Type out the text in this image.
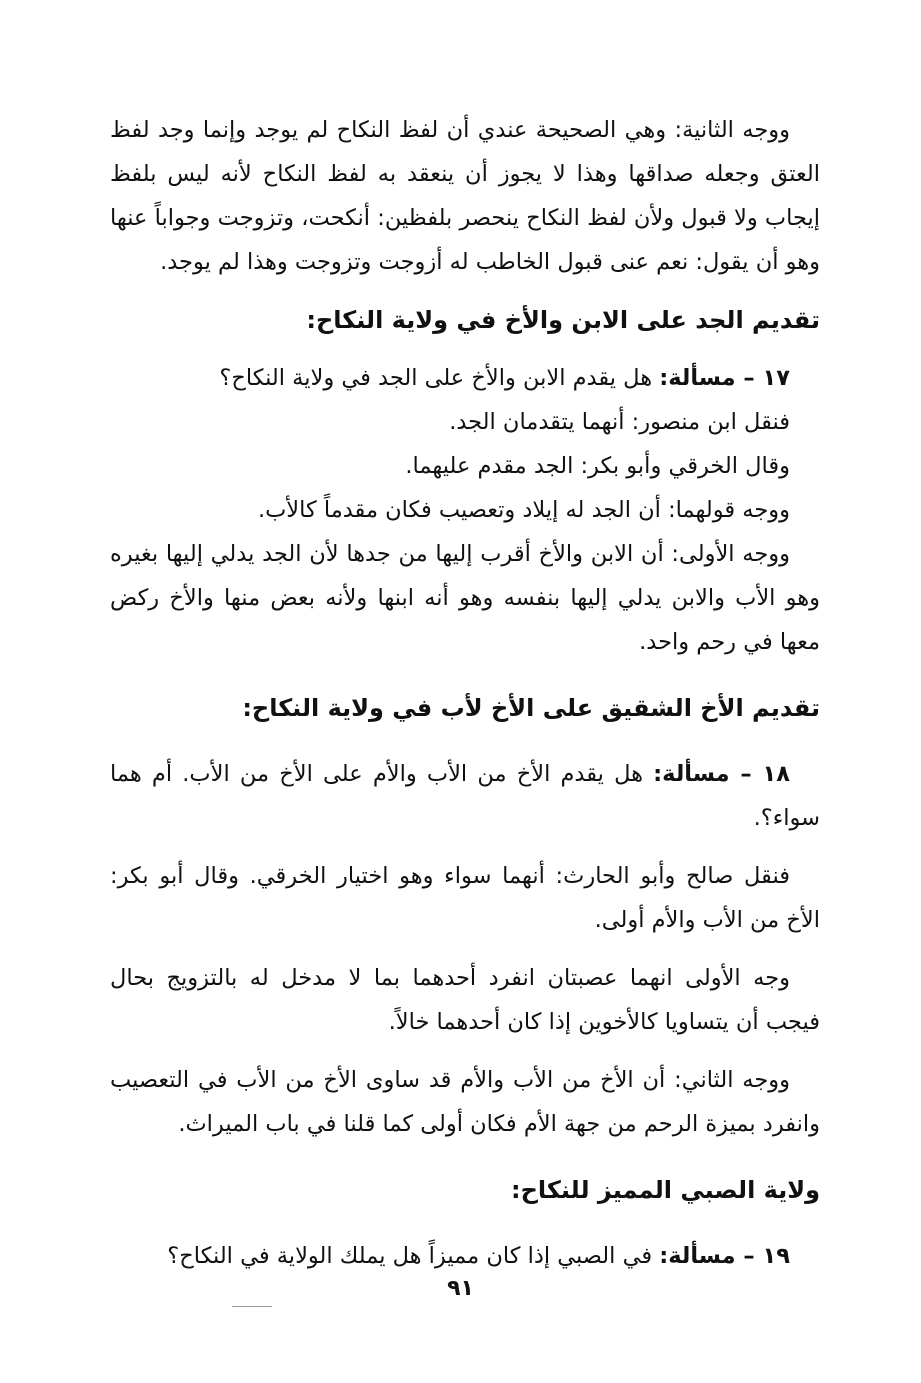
ووجه الثانية: وهي الصحيحة عندي أن لفظ النكاح لم يوجد وإنما وجد لفظ العتق وجعله صداقها وهذا لا يجوز أن ينعقد به لفظ النكاح لأنه ليس بلفظ إيجاب ولا قبول ولأن لفظ النكاح ينحصر بلفظين: أنكحت، وتزوجت وجواباً عنها وهو أن يقول: نعم عنى قبول الخاطب له أزوجت وتزوجت وهذا لم يوجد.

تقديم الجد على الابن والأخ في ولاية النكاح:

١٧ – مسألة: هل يقدم الابن والأخ على الجد في ولاية النكاح؟

فنقل ابن منصور: أنهما يتقدمان الجد.

وقال الخرقي وأبو بكر: الجد مقدم عليهما.

ووجه قولهما: أن الجد له إيلاد وتعصيب فكان مقدماً كالأب.

ووجه الأولى: أن الابن والأخ أقرب إليها من جدها لأن الجد يدلي إليها بغيره وهو الأب والابن يدلي إليها بنفسه وهو أنه ابنها ولأنه بعض منها والأخ ركض معها في رحم واحد.

تقديم الأخ الشقيق على الأخ لأب في ولاية النكاح:

١٨ – مسألة: هل يقدم الأخ من الأب والأم على الأخ من الأب. أم هما سواء؟.

فنقل صالح وأبو الحارث: أنهما سواء وهو اختيار الخرقي. وقال أبو بكر: الأخ من الأب والأم أولى.

وجه الأولى انهما عصبتان انفرد أحدهما بما لا مدخل له بالتزويج بحال فيجب أن يتساويا كالأخوين إذا كان أحدهما خالاً.

ووجه الثاني: أن الأخ من الأب والأم قد ساوى الأخ من الأب في التعصيب وانفرد بميزة الرحم من جهة الأم فكان أولى كما قلنا في باب الميراث.

ولاية الصبي المميز للنكاح:

١٩ – مسألة: في الصبي إذا كان مميزاً هل يملك الولاية في النكاح؟

٩١
